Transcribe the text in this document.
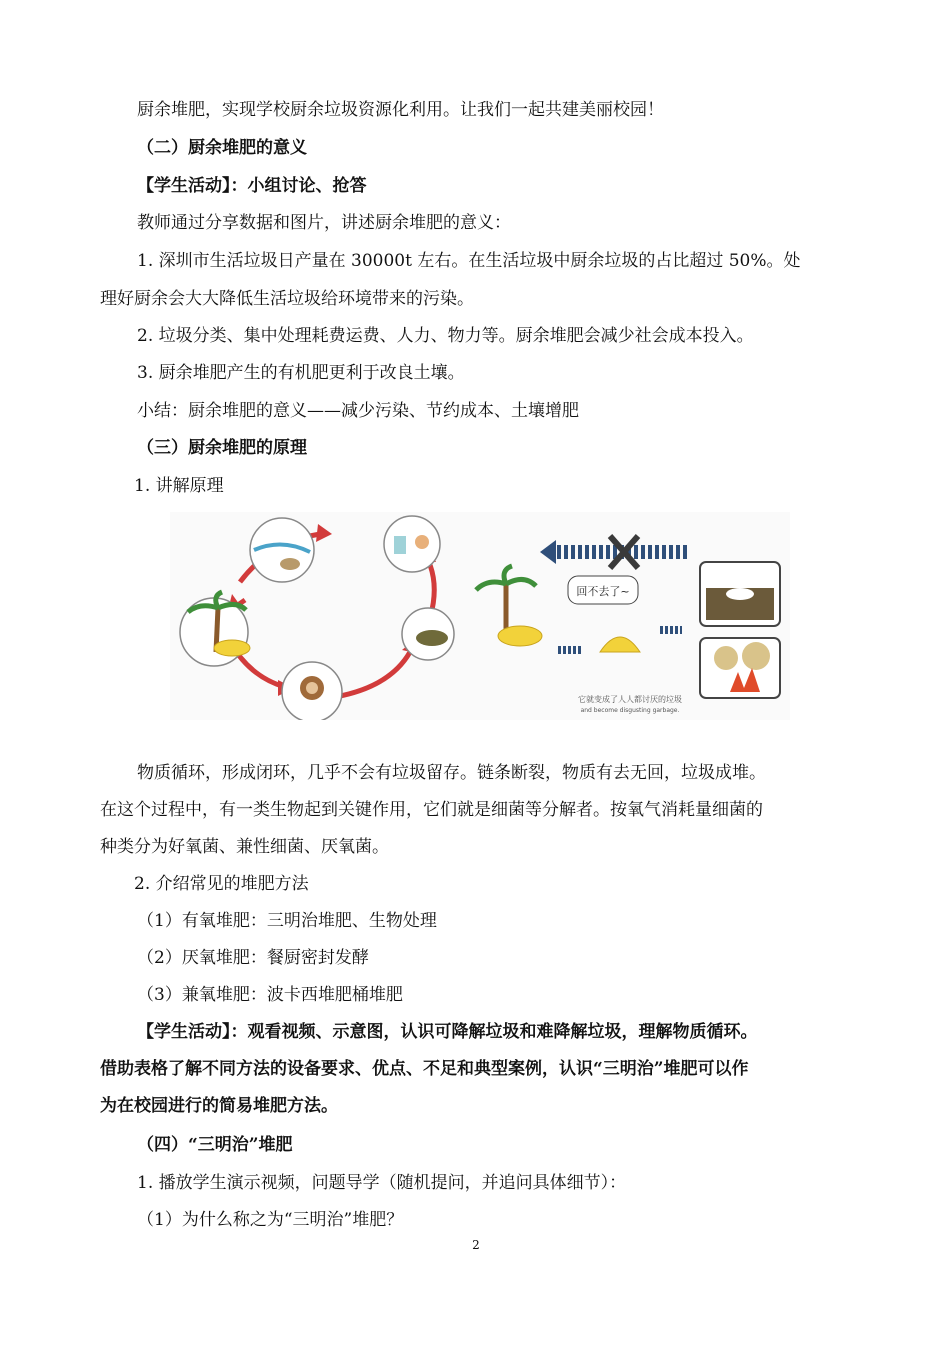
厨余堆肥，实现学校厨余垃圾资源化利用。让我们一起共建美丽校园！
（二）厨余堆肥的意义
【学生活动】：小组讨论、抢答
教师通过分享数据和图片，讲述厨余堆肥的意义：
1. 深圳市生活垃圾日产量在 30000t 左右。在生活垃圾中厨余垃圾的占比超过 50%。处
理好厨余会大大降低生活垃圾给环境带来的污染。
2. 垃圾分类、集中处理耗费运费、人力、物力等。厨余堆肥会减少社会成本投入。
3. 厨余堆肥产生的有机肥更利于改良土壤。
小结：厨余堆肥的意义——减少污染、节约成本、土壤增肥
（三）厨余堆肥的原理
1. 讲解原理
回不去了~
它就变成了人人都讨厌的垃圾
and become disgusting garbage.
物质循环，形成闭环，几乎不会有垃圾留存。链条断裂，物质有去无回，垃圾成堆。
在这个过程中，有一类生物起到关键作用，它们就是细菌等分解者。按氧气消耗量细菌的
种类分为好氧菌、兼性细菌、厌氧菌。
2. 介绍常见的堆肥方法
（1）有氧堆肥：三明治堆肥、生物处理
（2）厌氧堆肥：餐厨密封发酵
（3）兼氧堆肥：波卡西堆肥桶堆肥
【学生活动】：观看视频、示意图，认识可降解垃圾和难降解垃圾，理解物质循环。
借助表格了解不同方法的设备要求、优点、不足和典型案例，认识“三明治”堆肥可以作
为在校园进行的简易堆肥方法。
（四）“三明治”堆肥
1. 播放学生演示视频，问题导学（随机提问，并追问具体细节）：
（1）为什么称之为“三明治”堆肥？
2
